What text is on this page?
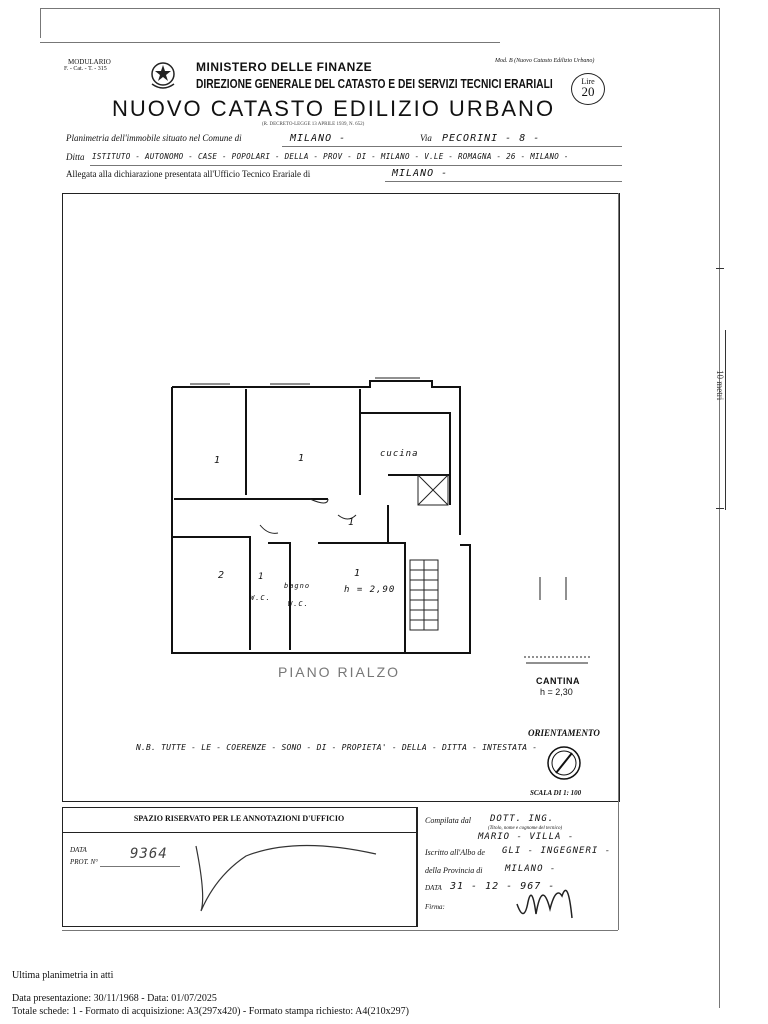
10 metri
MODULARIO
F. - Cat. - T. - 315
Mod. B (Nuovo Catasto Edilizio Urbano)
MINISTERO DELLE FINANZE
DIREZIONE GENERALE DEL CATASTO E DEI SERVIZI TECNICI ERARIALI
NUOVO CATASTO EDILIZIO URBANO
Lire
20
(R. DECRETO-LEGGE 13 APRILE 1939, N. 652)
Planimetria dell'immobile situato nel Comune di	MILANO -	Via PECORINI - 8 -
Ditta ISTITUTO - AUTONOMO - CASE - POPOLARI - DELLA - PROV - DI - MILANO - V.LE - ROMAGNA - 26 - MILANO -
Allegata alla dichiarazione presentata all'Ufficio Tecnico Erariale di	MILANO -
1	1	cucina
1
2	1
bagno
1
h = 2,90
W.C.
W.C.
PIANO RIALZO
CANTINA
h = 2,30
N.B. TUTTE - LE - COERENZE - SONO - DI - PROPIETA' - DELLA - DITTA - INTESTATA -
ORIENTAMENTO
SCALA DI 1: 100
SPAZIO RISERVATO PER LE ANNOTAZIONI D'UFFICIO
DATA
PROT. N° 9364
Compilata dal DOTT. ING.
(Titolo, nome e cognome del tecnico)
MARIO - VILLA -
Iscritto all'Albo de GLI - INGEGNERI -
della Provincia di	MILANO -
DATA 31 - 12 - 967 -
Firma:
Ultima planimetria in atti
Data presentazione: 30/11/1968 - Data: 01/07/2025
Totale schede: 1 - Formato di acquisizione: A3(297x420) - Formato stampa richiesto: A4(210x297)
